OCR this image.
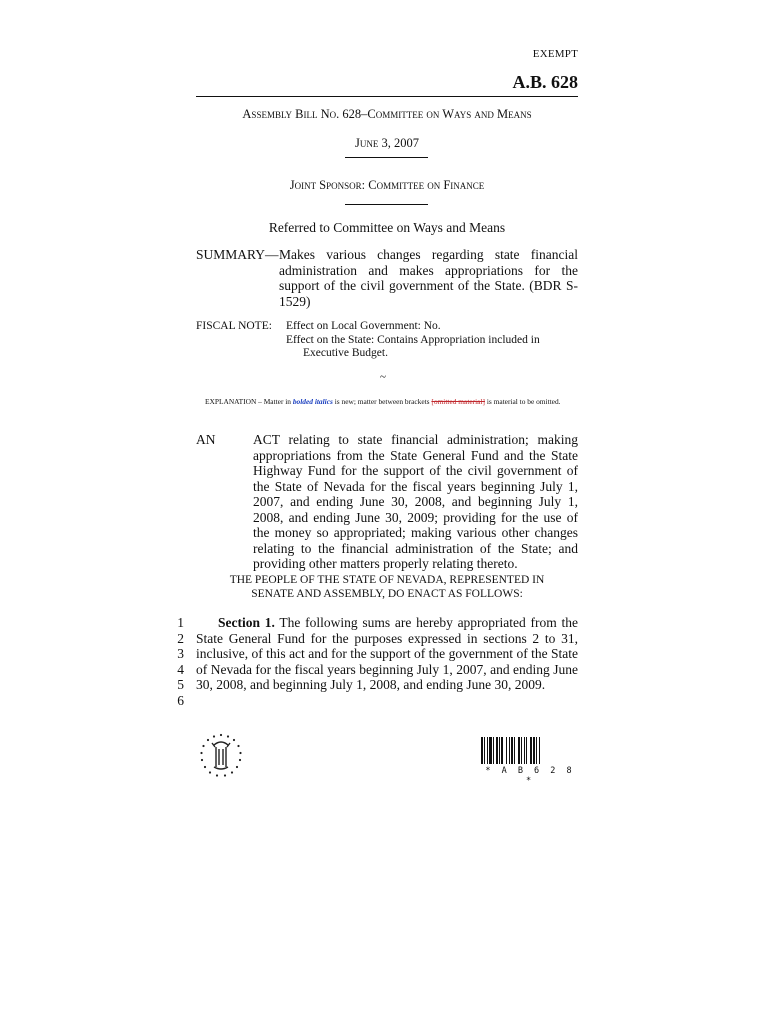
EXEMPT
A.B. 628
Assembly Bill No. 628–Committee on Ways and Means
June 3, 2007
Joint Sponsor: Committee on Finance
Referred to Committee on Ways and Means
SUMMARY— Makes various changes regarding state financial administration and makes appropriations for the support of the civil government of the State. (BDR S-1529)
FISCAL NOTE: Effect on Local Government: No.
Effect on the State: Contains Appropriation included in
Executive Budget.
~
EXPLANATION – Matter in bolded italics is new; matter between brackets [omitted material] is material to be omitted.
AN	ACT relating to state financial administration; making appropriations from the State General Fund and the State Highway Fund for the support of the civil government of the State of Nevada for the fiscal years beginning July 1, 2007, and ending June 30, 2008, and beginning July 1, 2008, and ending June 30, 2009; providing for the use of the money so appropriated; making various other changes relating to the financial administration of the State; and providing other matters properly relating thereto.
THE PEOPLE OF THE STATE OF NEVADA, REPRESENTED IN
SENATE AND ASSEMBLY, DO ENACT AS FOLLOWS:
1
2
3
4
5
6
Section 1. The following sums are hereby appropriated from the State General Fund for the purposes expressed in sections 2 to 31, inclusive, of this act and for the support of the government of the State of Nevada for the fiscal years beginning July 1, 2007, and ending June 30, 2008, and beginning July 1, 2008, and ending June 30, 2009.
* A B 6 2 8 *
